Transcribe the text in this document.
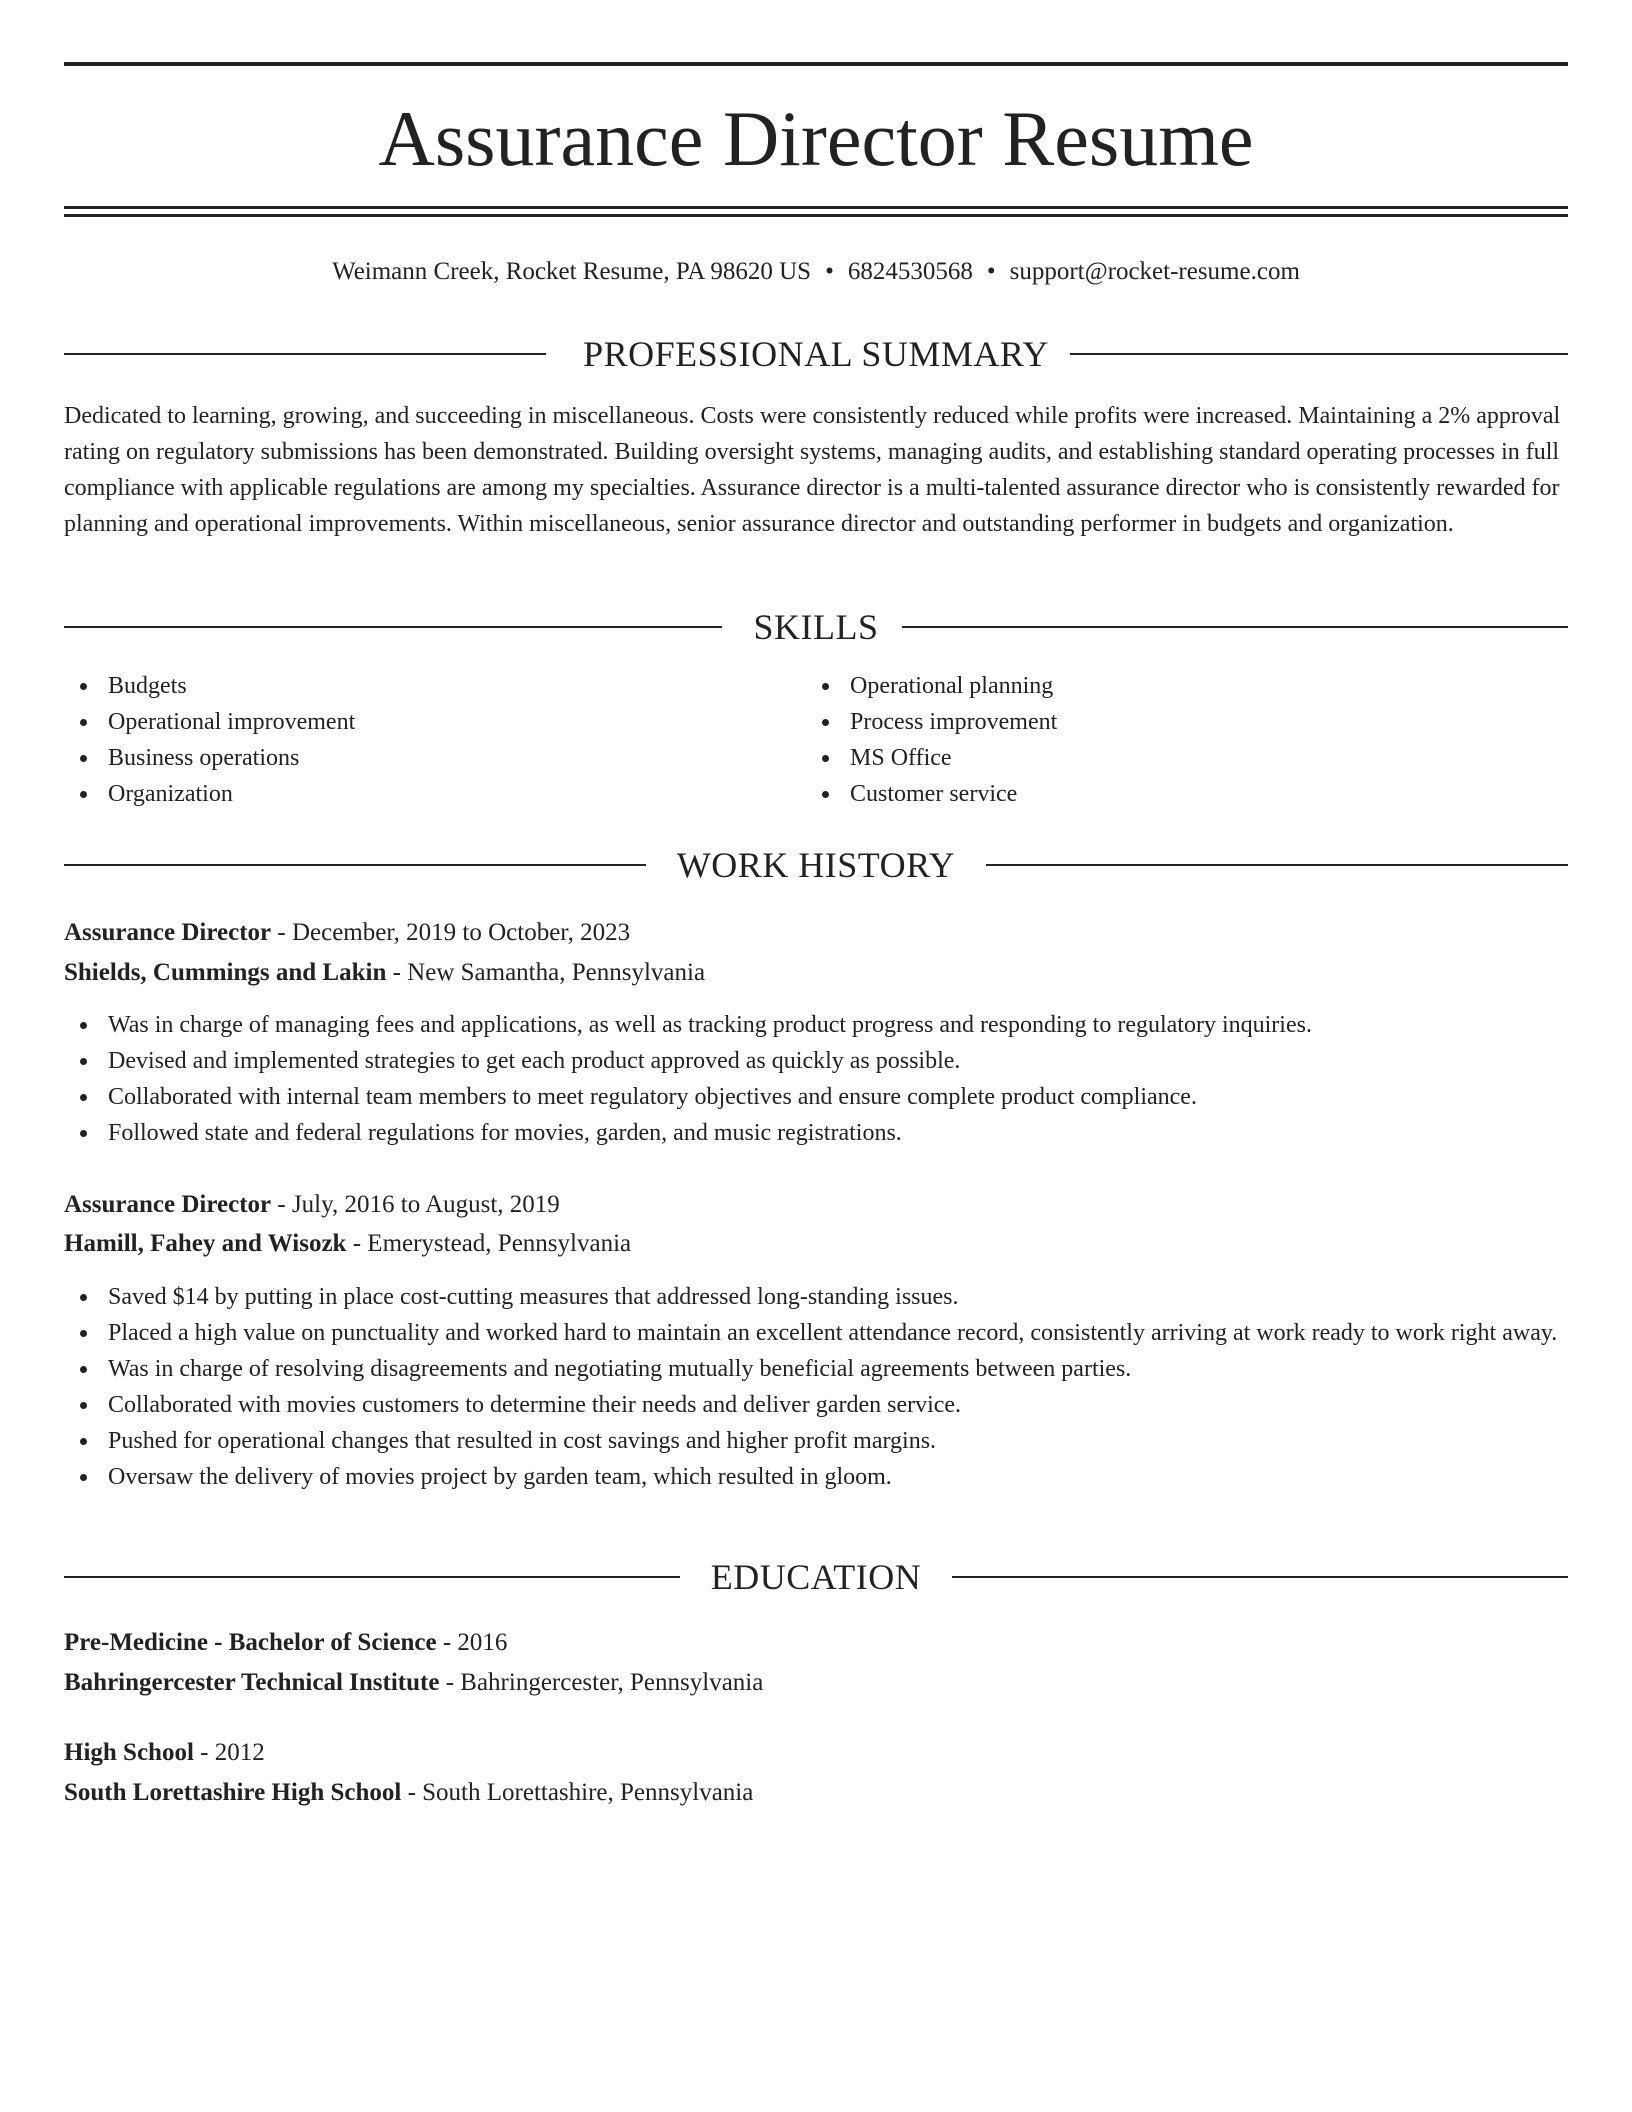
Assurance Director Resume
Weimann Creek, Rocket Resume, PA 98620 US • 6824530568 • support@rocket-resume.com
PROFESSIONAL SUMMARY

Dedicated to learning, growing, and succeeding in miscellaneous. Costs were consistently reduced while profits were increased. Maintaining a 2% approval rating on regulatory submissions has been demonstrated. Building oversight systems, managing audits, and establishing standard operating processes in full compliance with applicable regulations are among my specialties. Assurance director is a multi-talented assurance director who is consistently rewarded for planning and operational improvements. Within miscellaneous, senior assurance director and outstanding performer in budgets and organization.

SKILLS
Budgets
Operational improvement
Business operations
Organization
Operational planning
Process improvement
MS Office
Customer service
WORK HISTORY

Assurance Director - December, 2019 to October, 2023

Shields, Cummings and Lakin - New Samantha, Pennsylvania

Was in charge of managing fees and applications, as well as tracking product progress and responding to regulatory inquiries.
Devised and implemented strategies to get each product approved as quickly as possible.
Collaborated with internal team members to meet regulatory objectives and ensure complete product compliance.
Followed state and federal regulations for movies, garden, and music registrations.

Assurance Director - July, 2016 to August, 2019

Hamill, Fahey and Wisozk - Emerystead, Pennsylvania

Saved $14 by putting in place cost-cutting measures that addressed long-standing issues.
Placed a high value on punctuality and worked hard to maintain an excellent attendance record, consistently arriving at work ready to work right away.
Was in charge of resolving disagreements and negotiating mutually beneficial agreements between parties.
Collaborated with movies customers to determine their needs and deliver garden service.
Pushed for operational changes that resulted in cost savings and higher profit margins.
Oversaw the delivery of movies project by garden team, which resulted in gloom.
EDUCATION

Pre-Medicine - Bachelor of Science - 2016

Bahringercester Technical Institute - Bahringercester, Pennsylvania

High School - 2012

South Lorettashire High School - South Lorettashire, Pennsylvania
